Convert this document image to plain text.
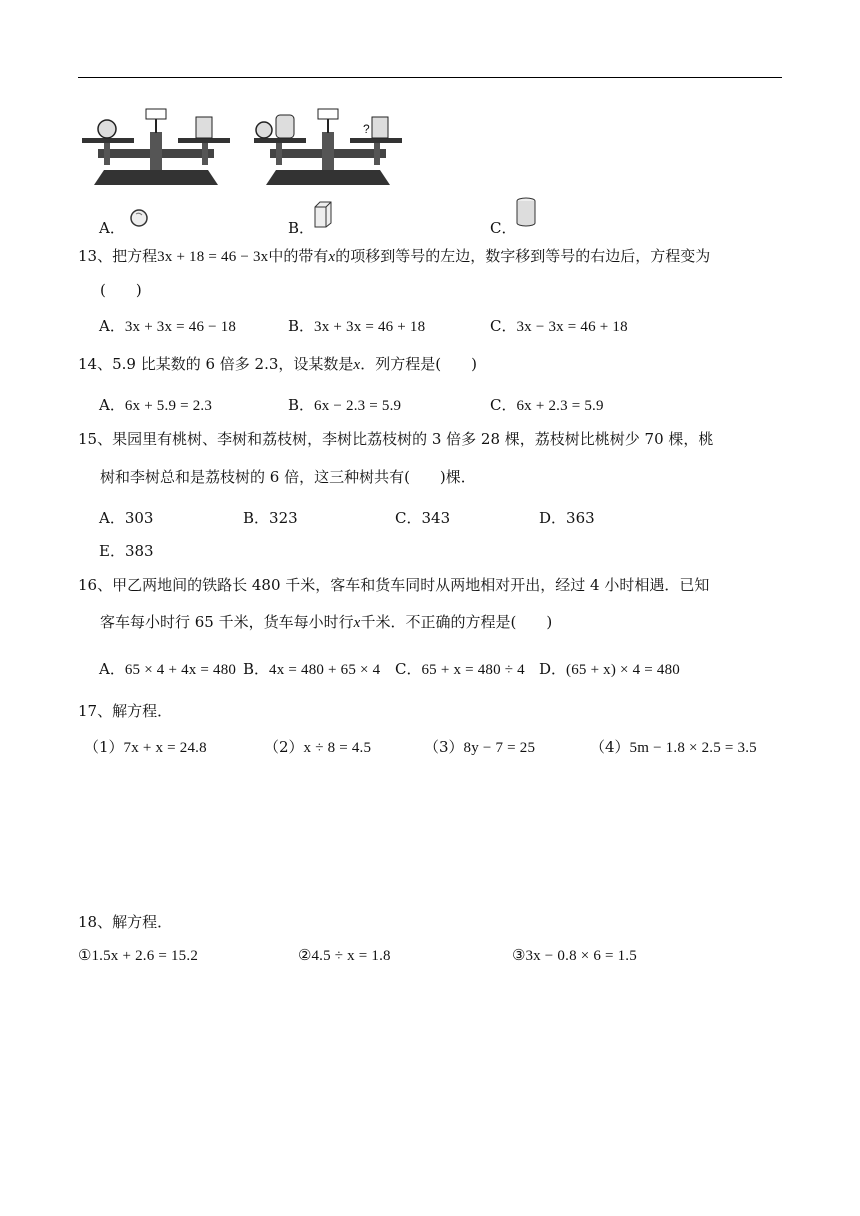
?
A．	B．	C．
13、把方程3x + 18 = 46 − 3x中的带有x的项移到等号的左边，数字移到等号的右边后，方程变为
(　　)
A．3x + 3x = 46 − 18	B．3x + 3x = 46 + 18	C．3x − 3x = 46 + 18
14、5.9 比某数的 6 倍多 2.3，设某数是x．列方程是(　　)
A．6x + 5.9 = 2.3	B．6x − 2.3 = 5.9	C．6x + 2.3 = 5.9
15、果园里有桃树、李树和荔枝树，李树比荔枝树的 3 倍多 28 棵，荔枝树比桃树少 70 棵，桃
树和李树总和是荔枝树的 6 倍，这三种树共有(　　)棵．
A．303	B．323	C．343	D．363
E．383
16、甲乙两地间的铁路长 480 千米，客车和货车同时从两地相对开出，经过 4 小时相遇．已知
客车每小时行 65 千米，货车每小时行x千米．不正确的方程是(　　)
A．65 × 4 + 4x = 480 B．4x = 480 + 65 × 4 C．65 + x = 480 ÷ 4 D．(65 + x) × 4 = 480
17、解方程．
（1）7x + x = 24.8	（2）x ÷ 8 = 4.5	（3）8y − 7 = 25	（4）5m − 1.8 × 2.5 = 3.5
18、解方程．
①1.5x + 2.6 = 15.2	②4.5 ÷ x = 1.8	③3x − 0.8 × 6 = 1.5
